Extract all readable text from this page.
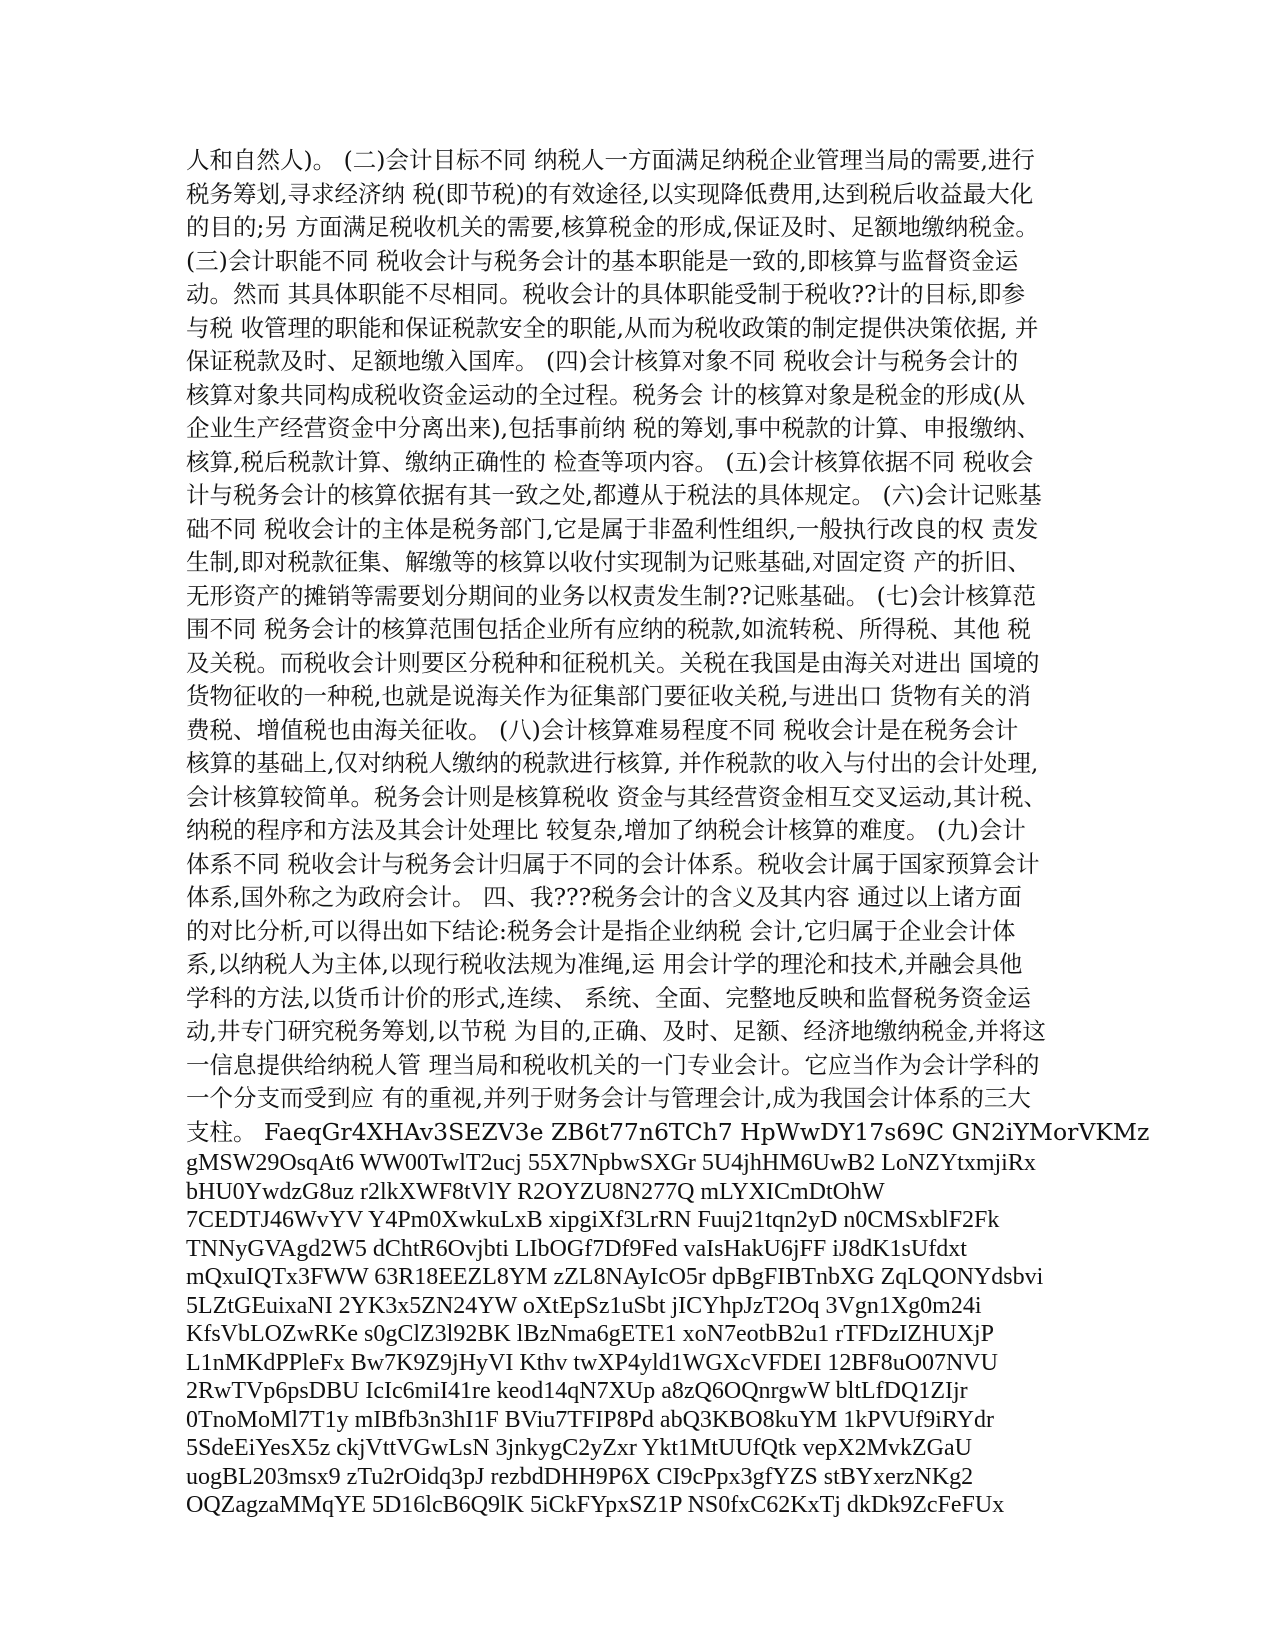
人和自然人)。 (二)会计目标不同 纳税人一方面满足纳税企业管理当局的需要,进行
税务筹划,寻求经济纳 税(即节税)的有效途径,以实现降低费用,达到税后收益最大化
的目的;另 方面满足税收机关的需要,核算税金的形成,保证及时、足额地缴纳税金。
(三)会计职能不同 税收会计与税务会计的基本职能是一致的,即核算与监督资金运
动。然而 其具体职能不尽相同。税收会计的具体职能受制于税收??计的目标,即参
与税 收管理的职能和保证税款安全的职能,从而为税收政策的制定提供决策依据, 并
保证税款及时、足额地缴入国库。 (四)会计核算对象不同 税收会计与税务会计的
核算对象共同构成税收资金运动的全过程。税务会 计的核算对象是税金的形成(从
企业生产经营资金中分离出来),包括事前纳 税的筹划,事中税款的计算、申报缴纳、
核算,税后税款计算、缴纳正确性的 检查等项内容。 (五)会计核算依据不同 税收会
计与税务会计的核算依据有其一致之处,都遵从于税法的具体规定。 (六)会计记账基
础不同 税收会计的主体是税务部门,它是属于非盈利性组织,一般执行改良的权 责发
生制,即对税款征集、解缴等的核算以收付实现制为记账基础,对固定资 产的折旧、
无形资产的摊销等需要划分期间的业务以权责发生制??记账基础。 (七)会计核算范
围不同 税务会计的核算范围包括企业所有应纳的税款,如流转税、所得税、其他 税
及关税。而税收会计则要区分税种和征税机关。关税在我国是由海关对进出 国境的
货物征收的一种税,也就是说海关作为征集部门要征收关税,与进出口 货物有关的消
费税、增值税也由海关征收。 (八)会计核算难易程度不同 税收会计是在税务会计
核算的基础上,仅对纳税人缴纳的税款进行核算, 并作税款的收入与付出的会计处理,
会计核算较简单。税务会计则是核算税收 资金与其经营资金相互交叉运动,其计税、
纳税的程序和方法及其会计处理比 较复杂,增加了纳税会计核算的难度。 (九)会计
体系不同 税收会计与税务会计归属于不同的会计体系。税收会计属于国家预算会计
体系,国外称之为政府会计。 四、我???税务会计的含义及其内容 通过以上诸方面
的对比分析,可以得出如下结论:税务会计是指企业纳税 会计,它归属于企业会计体
系,以纳税人为主体,以现行税收法规为准绳,运 用会计学的理沦和技术,并融会具他
学科的方法,以货币计价的形式,连续、 系统、全面、完整地反映和监督税务资金运
动,井专门研究税务筹划,以节税 为目的,正确、及时、足额、经济地缴纳税金,并将这
一信息提供给纳税人管 理当局和税收机关的一门专业会计。它应当作为会计学科的
一个分支而受到应 有的重视,并列于财务会计与管理会计,成为我国会计体系的三大
支柱。 FaeqGr4XHAv3SEZV3e ZB6t77n6TCh7 HpWwDY17s69C GN2iYMorVKMz
gMSW29OsqAt6 WW00TwlT2ucj 55X7NpbwSXGr 5U4jhHM6UwB2 LoNZYtxmjiRx
bHU0YwdzG8uz r2lkXWF8tVlY R2OYZU8N277Q mLYXICmDtOhW
7CEDTJ46WvYV Y4Pm0XwkuLxB xipgiXf3LrRN Fuuj21tqn2yD n0CMSxblF2Fk
TNNyGVAgd2W5 dChtR6Ovjbti LIbOGf7Df9Fed vaIsHakU6jFF iJ8dK1sUfdxt
mQxuIQTx3FWW 63R18EEZL8YM zZL8NAyIcO5r dpBgFIBTnbXG ZqLQONYdsbvi
5LZtGEuixaNI 2YK3x5ZN24YW oXtEpSz1uSbt jICYhpJzT2Oq 3Vgn1Xg0m24i
KfsVbLOZwRKe s0gClZ3l92BK lBzNma6gETE1 xoN7eotbB2u1 rTFDzIZHUXjP
L1nMKdPPleFx Bw7K9Z9jHyVI Kthv twXP4yld1WGXcVFDEI 12BF8uO07NVU
2RwTVp6psDBU IcIc6miI41re keod14qN7XUp a8zQ6OQnrgwW bltLfDQ1ZIjr
0TnoMoMl7T1y mIBfb3n3hI1F BViu7TFIP8Pd abQ3KBO8kuYM 1kPVUf9iRYdr
5SdeEiYesX5z ckjVttVGwLsN 3jnkygC2yZxr Ykt1MtUUfQtk vepX2MvkZGaU
uogBL203msx9 zTu2rOidq3pJ rezbdDHH9P6X CI9cPpx3gfYZS stBYxerzNKg2
OQZagzaMMqYE 5D16lcB6Q9lK 5iCkFYpxSZ1P NS0fxC62KxTj dkDk9ZcFeFUx
